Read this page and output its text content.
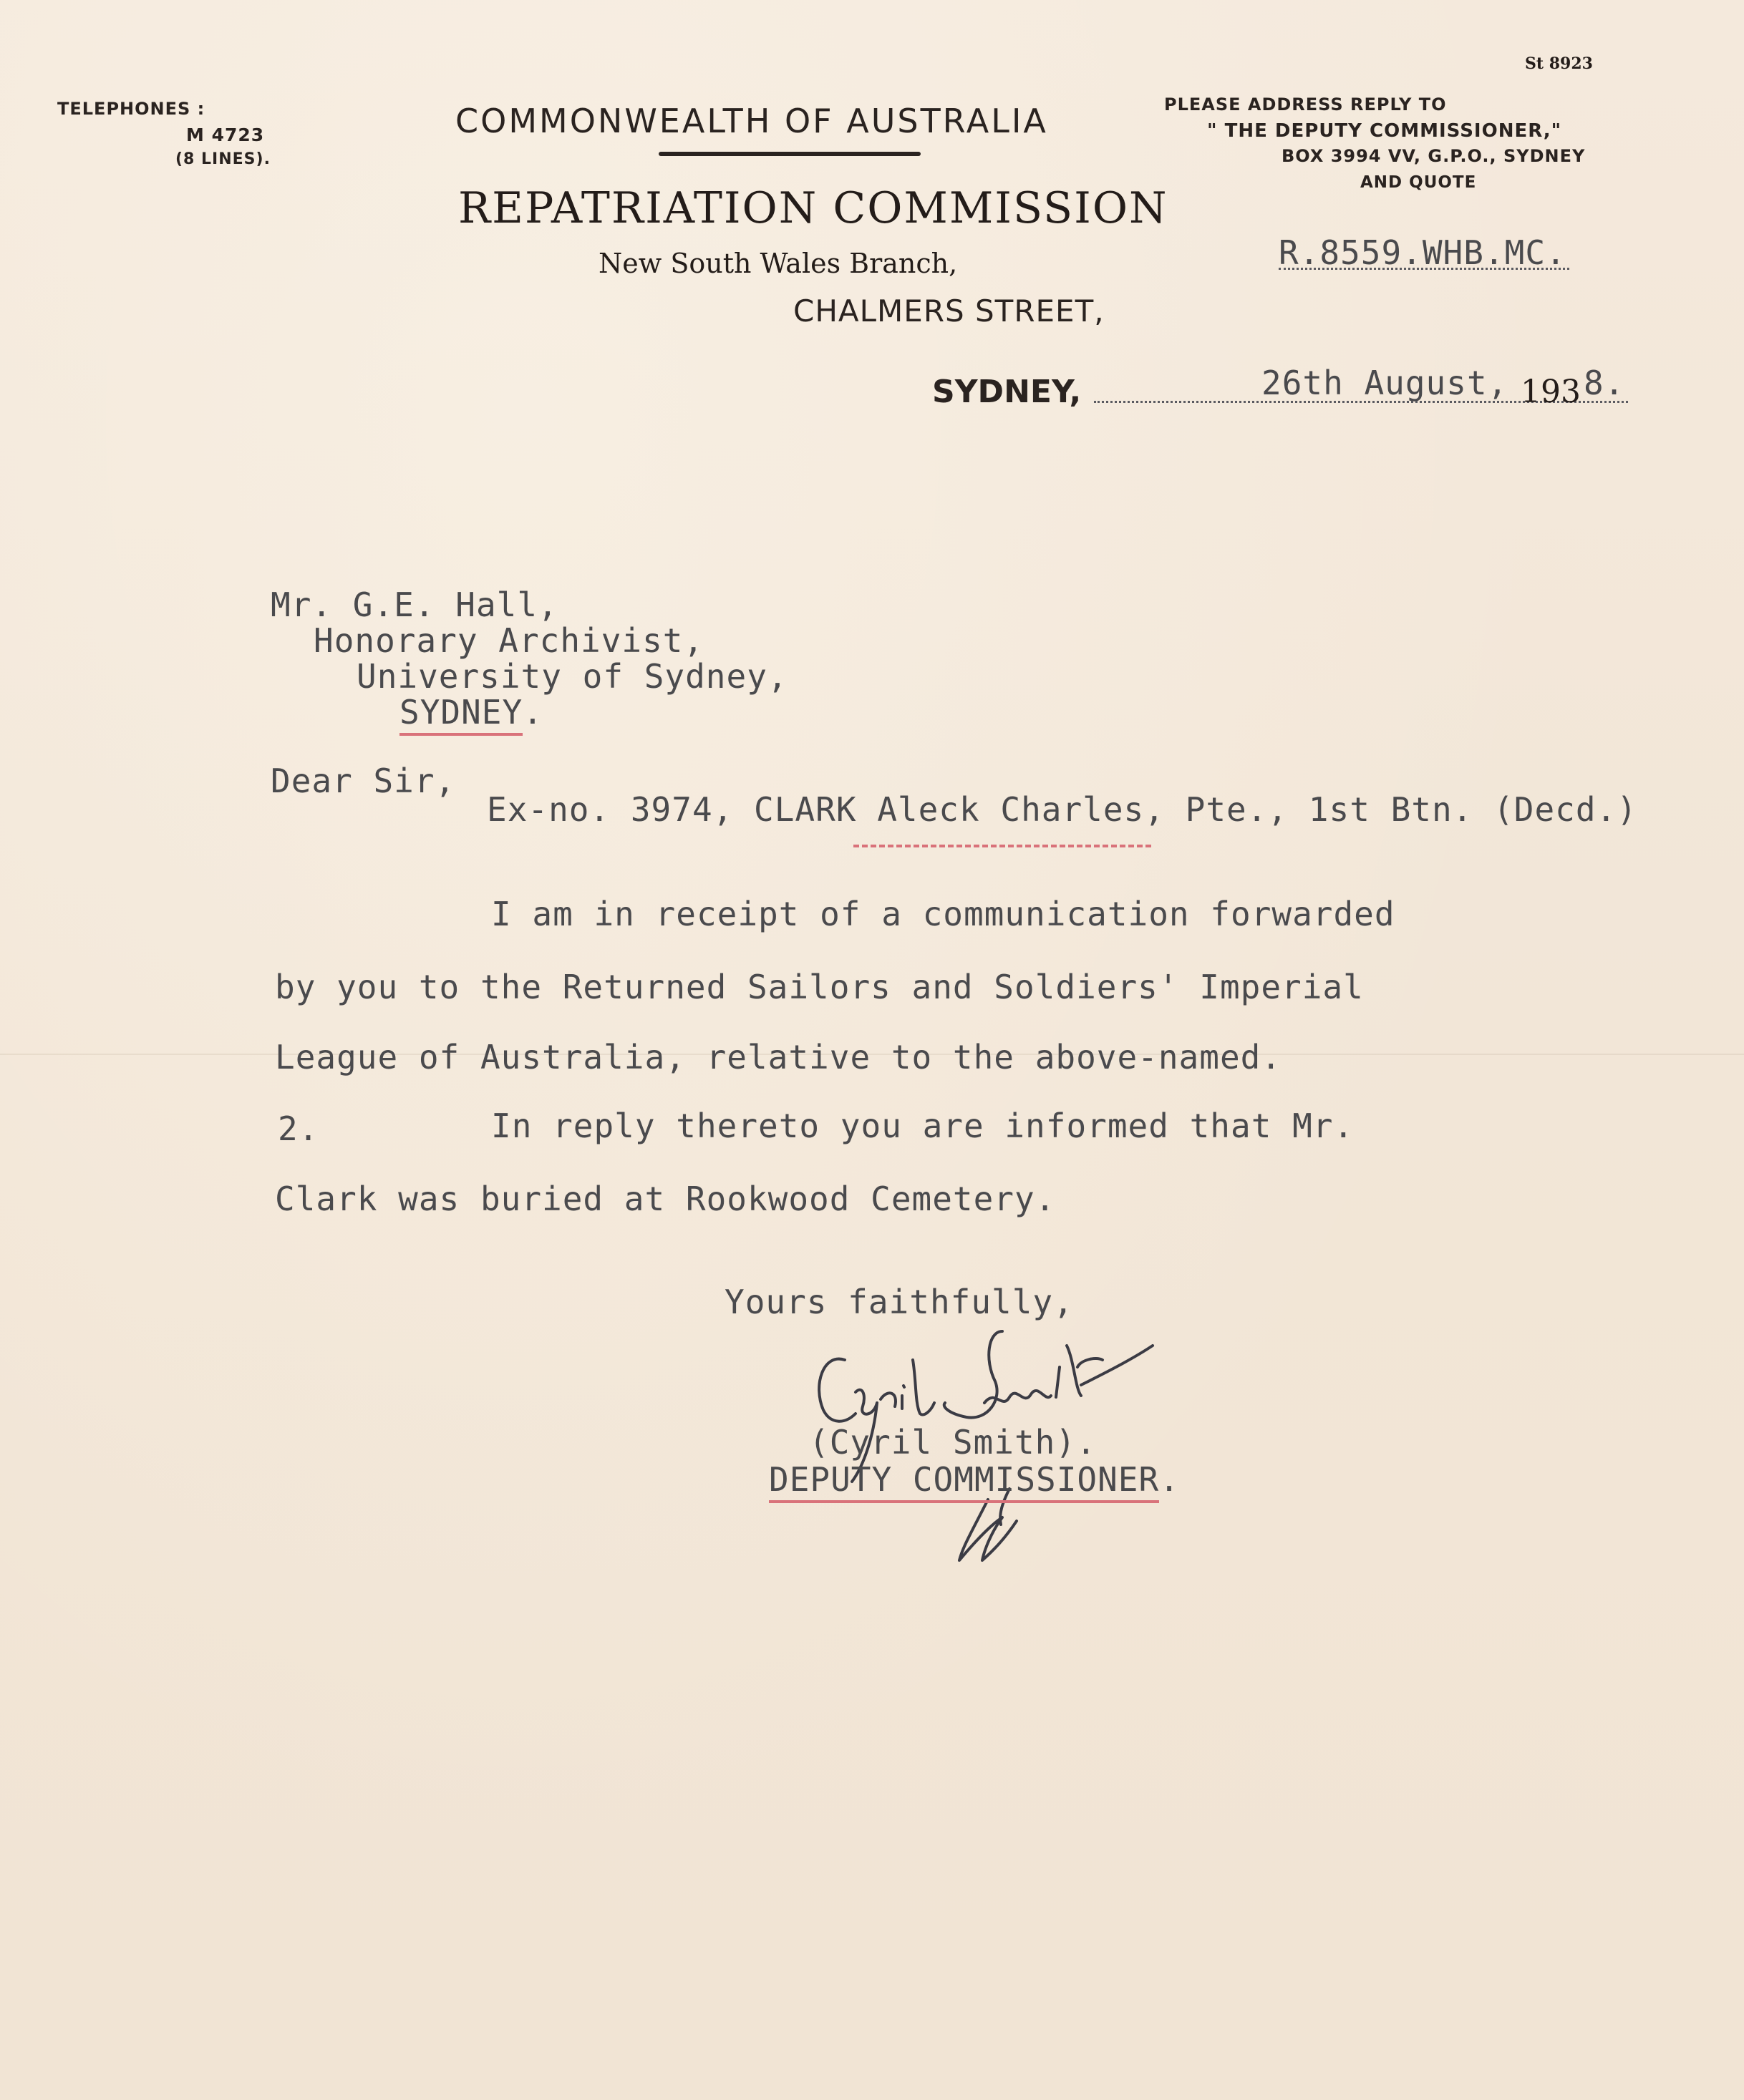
St 8923
TELEPHONES :
M 4723
(8 LINES).
COMMONWEALTH OF AUSTRALIA
REPATRIATION COMMISSION
New South Wales Branch,
CHALMERS STREET,
PLEASE ADDRESS REPLY TO
" THE DEPUTY COMMISSIONER,"
BOX 3994 VV, G.P.O., SYDNEY
AND QUOTE
R.8559.WHB.MC.
SYDNEY,	26th August, 193 8.
Mr. G.E. Hall,
Honorary Archivist,
University of Sydney,
SYDNEY.
Dear Sir,
Ex-no. 3974, CLARK Aleck Charles, Pte., 1st Btn. (Decd.)
I am in receipt of a communication forwarded
by you to the Returned Sailors and Soldiers' Imperial
League of Australia, relative to the above-named.
2.	In reply thereto you are informed that Mr.
Clark was buried at Rookwood Cemetery.
Yours faithfully,
(Cyril Smith).
DEPUTY COMMISSIONER.
